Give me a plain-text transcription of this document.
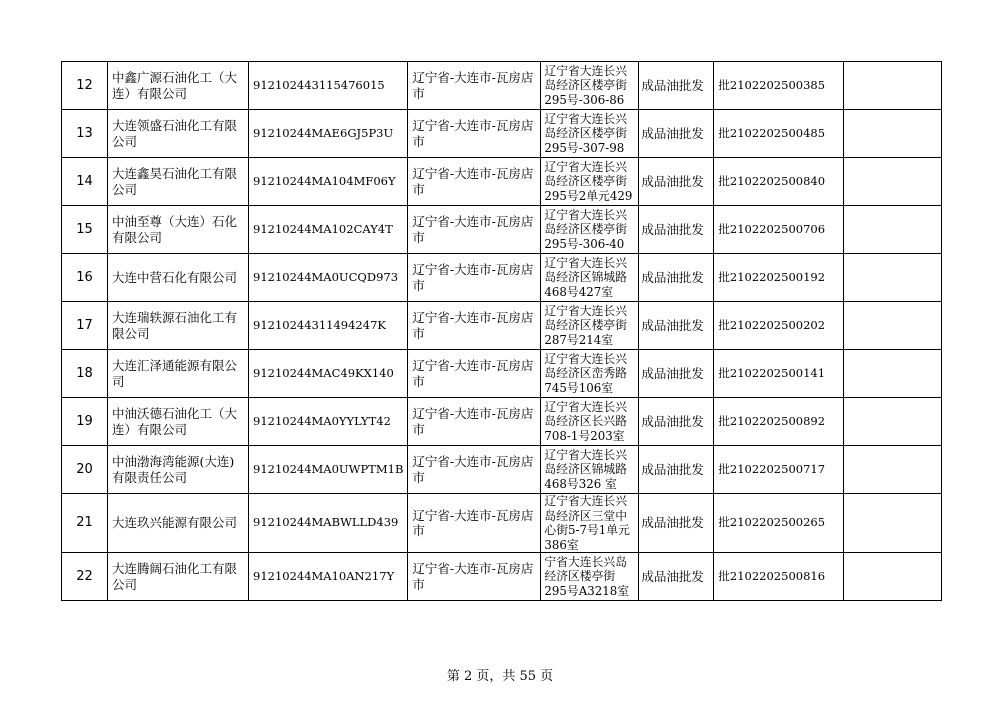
12	中鑫广源石油化工（大连）有限公司	912102443115476015	辽宁省-大连市-瓦房店市	辽宁省大连长兴岛经济区楼亭街295号-306-86	成品油批发	批2102202500385	
13	大连领盛石油化工有限公司	91210244MAE6GJ5P3U	辽宁省-大连市-瓦房店市	辽宁省大连长兴岛经济区楼亭街295号-307-98	成品油批发	批2102202500485	
14	大连鑫昊石油化工有限公司	91210244MA104MF06Y	辽宁省-大连市-瓦房店市	辽宁省大连长兴岛经济区楼亭街295号2单元429	成品油批发	批2102202500840	
15	中油至尊（大连）石化有限公司	91210244MA102CAY4T	辽宁省-大连市-瓦房店市	辽宁省大连长兴岛经济区楼亭街295号-306-40	成品油批发	批2102202500706	
16	大连中营石化有限公司	91210244MA0UCQD973	辽宁省-大连市-瓦房店市	辽宁省大连长兴岛经济区锦城路468号427室	成品油批发	批2102202500192	
17	大连瑞轶源石油化工有限公司	91210244311494247K	辽宁省-大连市-瓦房店市	辽宁省大连长兴岛经济区楼亭街287号214室	成品油批发	批2102202500202	
18	大连汇泽通能源有限公司	91210244MAC49KX140	辽宁省-大连市-瓦房店市	辽宁省大连长兴岛经济区峦秀路745号106室	成品油批发	批2102202500141	
19	中油沃德石油化工（大连）有限公司	91210244MA0YYLYT42	辽宁省-大连市-瓦房店市	辽宁省大连长兴岛经济区长兴路708-1号203室	成品油批发	批2102202500892	
20	中油渤海湾能源(大连)有限责任公司	91210244MA0UWPTM1B	辽宁省-大连市-瓦房店市	辽宁省大连长兴岛经济区锦城路468号326 室	成品油批发	批2102202500717	
21	大连玖兴能源有限公司	91210244MABWLLD439	辽宁省-大连市-瓦房店市	辽宁省大连长兴岛经济区三堂中心街5-7号1单元386室	成品油批发	批2102202500265	
22	大连腾阔石油化工有限公司	91210244MA10AN217Y	辽宁省-大连市-瓦房店市	宁省大连长兴岛经济区楼亭街295号A3218室	成品油批发	批2102202500816	
第 2 页，共 55 页
